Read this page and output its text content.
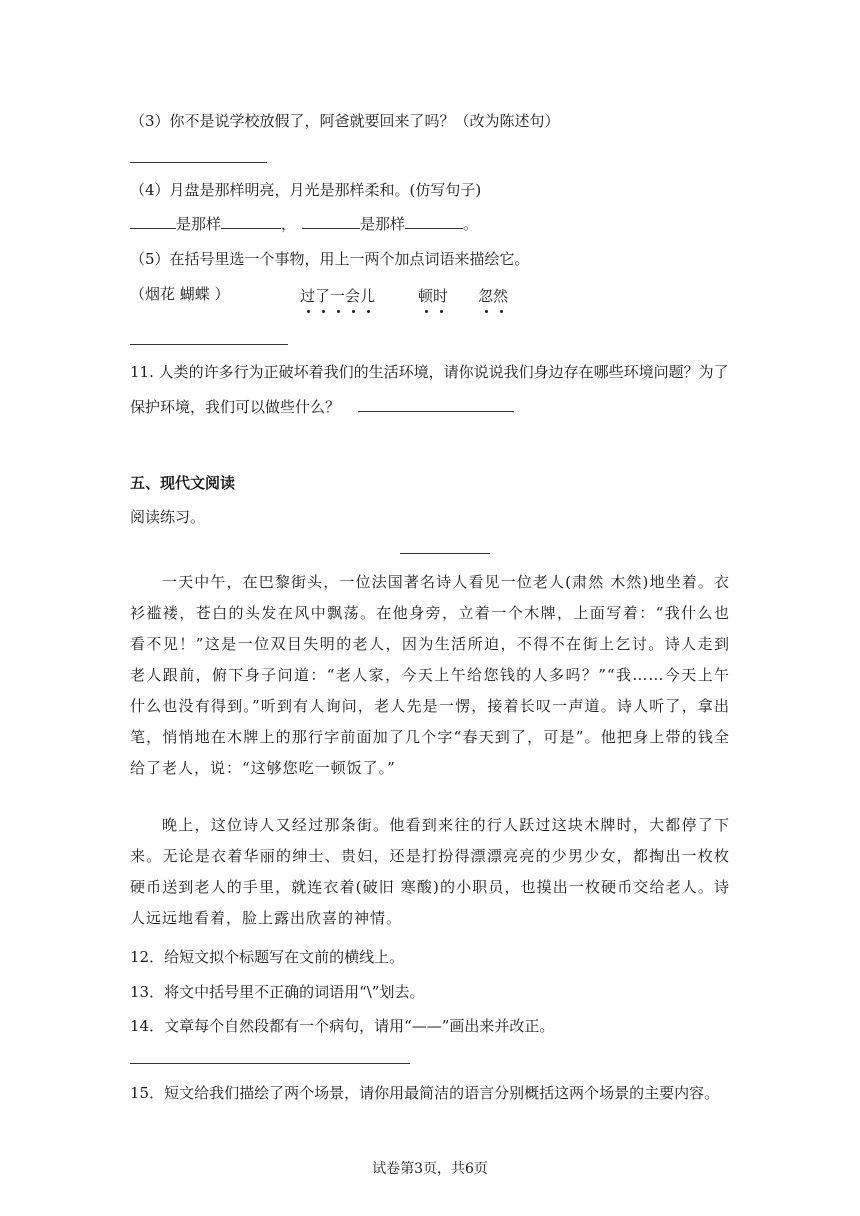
（3）你不是说学校放假了，阿爸就要回来了吗？（改为陈述句）
（4）月盘是那样明亮，月光是那样柔和。(仿写句子)
是那样	，	是那样	。
（5）在括号里选一个事物，用上一两个加点词语来描绘它。
（烟花 蝴蝶 ）	过了一会儿	顿时 忽然
11. 人类的许多行为正破坏着我们的生活环境，请你说说我们身边存在哪些环境问题？为了
保护环境，我们可以做些什么？
五、现代文阅读
阅读练习。
一天中午，在巴黎街头，一位法国著名诗人看见一位老人(肃然 木然)地坐着。衣衫褴褛，苍白的头发在风中飘荡。在他身旁，立着一个木牌，上面写着：“我什么也看不见！”这是一位双目失明的老人，因为生活所迫，不得不在街上乞讨。诗人走到老人跟前，俯下身子问道：“老人家，今天上午给您钱的人多吗？”“我……今天上午什么也没有得到。”听到有人询问，老人先是一愣，接着长叹一声道。诗人听了，拿出笔，悄悄地在木牌上的那行字前面加了几个字“春天到了，可是”。他把身上带的钱全给了老人，说：“这够您吃一顿饭了。”
晚上，这位诗人又经过那条街。他看到来往的行人跃过这块木牌时，大都停了下来。无论是衣着华丽的绅士、贵妇，还是打扮得漂漂亮亮的少男少女，都掏出一枚枚硬币送到老人的手里，就连衣着(破旧 寒酸)的小职员，也摸出一枚硬币交给老人。诗人远远地看着，脸上露出欣喜的神情。
12．给短文拟个标题写在文前的横线上。
13．将文中括号里不正确的词语用“\”划去。
14．文章每个自然段都有一个病句，请用“——”画出来并改正。
15．短文给我们描绘了两个场景，请你用最简洁的语言分别概括这两个场景的主要内容。
试卷第3页，共6页
